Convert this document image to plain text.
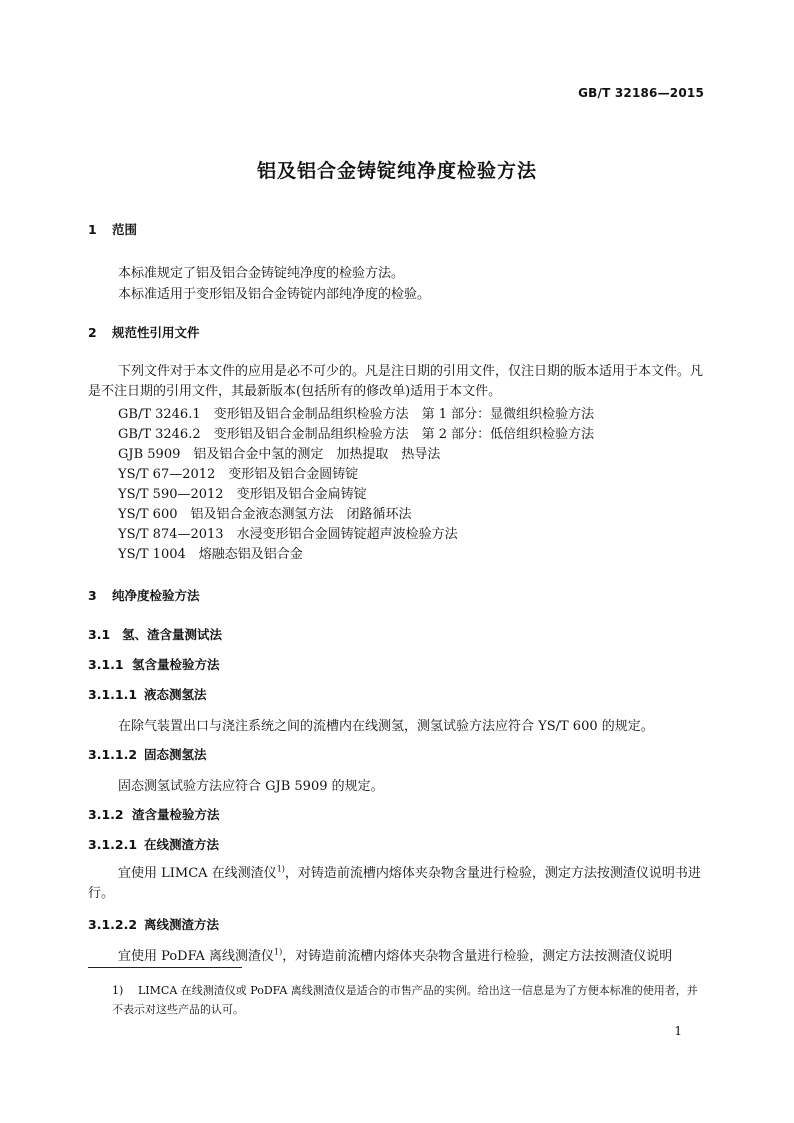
GB/T 32186—2015
铝及铝合金铸锭纯净度检验方法
1 范围
本标准规定了铝及铝合金铸锭纯净度的检验方法。
本标准适用于变形铝及铝合金铸锭内部纯净度的检验。
2 规范性引用文件
下列文件对于本文件的应用是必不可少的。凡是注日期的引用文件，仅注日期的版本适用于本文件。凡是不注日期的引用文件，其最新版本(包括所有的修改单)适用于本文件。
GB/T 3246.1　变形铝及铝合金制品组织检验方法　第 1 部分：显微组织检验方法
GB/T 3246.2　变形铝及铝合金制品组织检验方法　第 2 部分：低倍组织检验方法
GJB 5909　铝及铝合金中氢的测定　加热提取　热导法
YS/T 67—2012　变形铝及铝合金圆铸锭
YS/T 590—2012　变形铝及铝合金扁铸锭
YS/T 600　铝及铝合金液态测氢方法　闭路循环法
YS/T 874—2013　水浸变形铝合金圆铸锭超声波检验方法
YS/T 1004　熔融态铝及铝合金
3 纯净度检验方法
3.1 氢、渣含量测试法
3.1.1 氢含量检验方法
3.1.1.1 液态测氢法
在除气装置出口与浇注系统之间的流槽内在线测氢，测氢试验方法应符合 YS/T 600 的规定。
3.1.1.2 固态测氢法
固态测氢试验方法应符合 GJB 5909 的规定。
3.1.2 渣含量检验方法
3.1.2.1 在线测渣方法
宜使用 LIMCA 在线测渣仪$^{1)}$，对铸造前流槽内熔体夹杂物含量进行检验，测定方法按测渣仪说明书进行。
3.1.2.2 离线测渣方法
宜使用 PoDFA 离线测渣仪$^{1)}$，对铸造前流槽内熔体夹杂物含量进行检验，测定方法按测渣仪说明
1) LIMCA 在线测渣仪或 PoDFA 离线测渣仪是适合的市售产品的实例。给出这一信息是为了方便本标准的使用者，并不表示对这些产品的认可。
1
